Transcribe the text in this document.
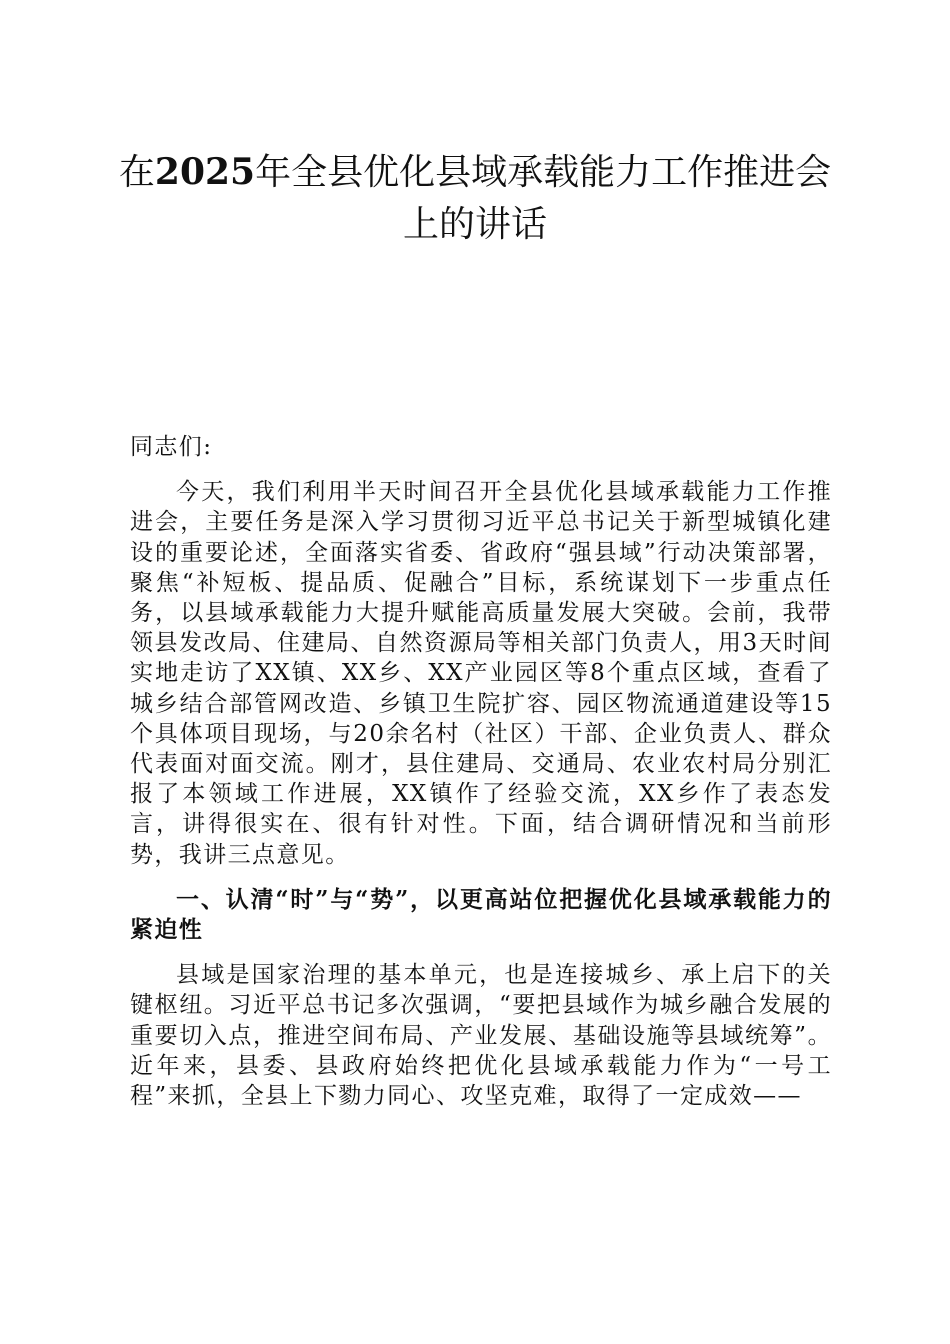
在2025年全县优化县域承载能力工作推进会上的讲话

同志们:

今天，我们利用半天时间召开全县优化县域承载能力工作推进会，主要任务是深入学习贯彻习近平总书记关于新型城镇化建设的重要论述，全面落实省委、省政府“强县域”行动决策部署，聚焦“补短板、提品质、促融合”目标，系统谋划下一步重点任务，以县域承载能力大提升赋能高质量发展大突破。会前，我带领县发改局、住建局、自然资源局等相关部门负责人，用3天时间实地走访了XX镇、XX乡、XX产业园区等8个重点区域，查看了城乡结合部管网改造、乡镇卫生院扩容、园区物流通道建设等15个具体项目现场，与20余名村（社区）干部、企业负责人、群众代表面对面交流。刚才，县住建局、交通局、农业农村局分别汇报了本领域工作进展，XX镇作了经验交流，XX乡作了表态发言，讲得很实在、很有针对性。下面，结合调研情况和当前形势，我讲三点意见。

一、认清“时”与“势”，以更高站位把握优化县域承载能力的紧迫性

县域是国家治理的基本单元，也是连接城乡、承上启下的关键枢纽。习近平总书记多次强调，“要把县域作为城乡融合发展的重要切入点，推进空间布局、产业发展、基础设施等县域统筹”。近年来，县委、县政府始终把优化县域承载能力作为“一号工程”来抓，全县上下勠力同心、攻坚克难，取得了一定成效——
